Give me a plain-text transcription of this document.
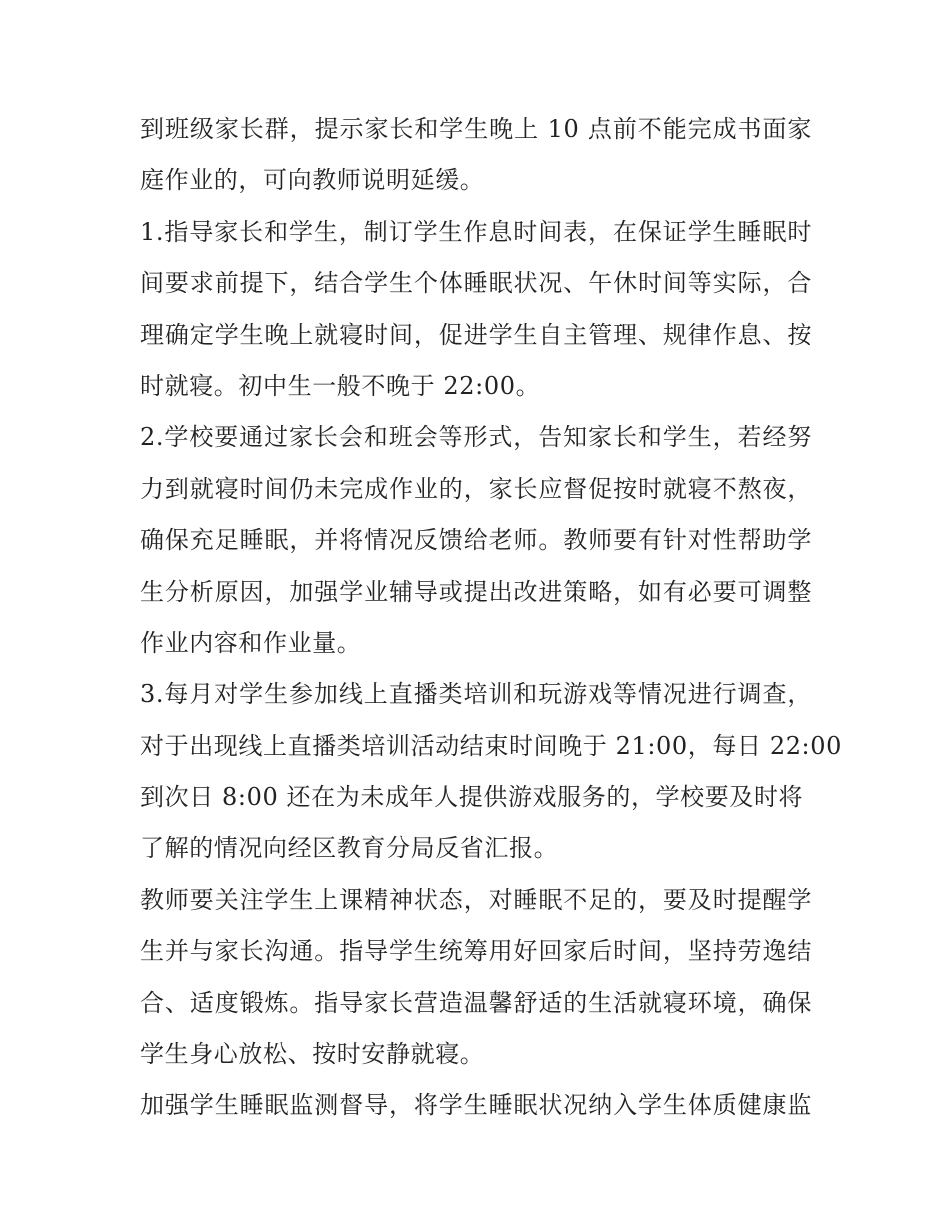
到班级家长群，提示家长和学生晚上 10 点前不能完成书面家
庭作业的，可向教师说明延缓。
1.指导家长和学生，制订学生作息时间表，在保证学生睡眠时
间要求前提下，结合学生个体睡眠状况、午休时间等实际，合
理确定学生晚上就寝时间，促进学生自主管理、规律作息、按
时就寝。初中生一般不晚于 22:00。
2.学校要通过家长会和班会等形式，告知家长和学生，若经努
力到就寝时间仍未完成作业的，家长应督促按时就寝不熬夜，
确保充足睡眠，并将情况反馈给老师。教师要有针对性帮助学
生分析原因，加强学业辅导或提出改进策略，如有必要可调整
作业内容和作业量。
3.每月对学生参加线上直播类培训和玩游戏等情况进行调查，
对于出现线上直播类培训活动结束时间晚于 21:00，每日 22:00
到次日 8:00 还在为未成年人提供游戏服务的，学校要及时将
了解的情况向经区教育分局反省汇报。
教师要关注学生上课精神状态，对睡眠不足的，要及时提醒学
生并与家长沟通。指导学生统筹用好回家后时间，坚持劳逸结
合、适度锻炼。指导家长营造温馨舒适的生活就寝环境，确保
学生身心放松、按时安静就寝。
加强学生睡眠监测督导，将学生睡眠状况纳入学生体质健康监
